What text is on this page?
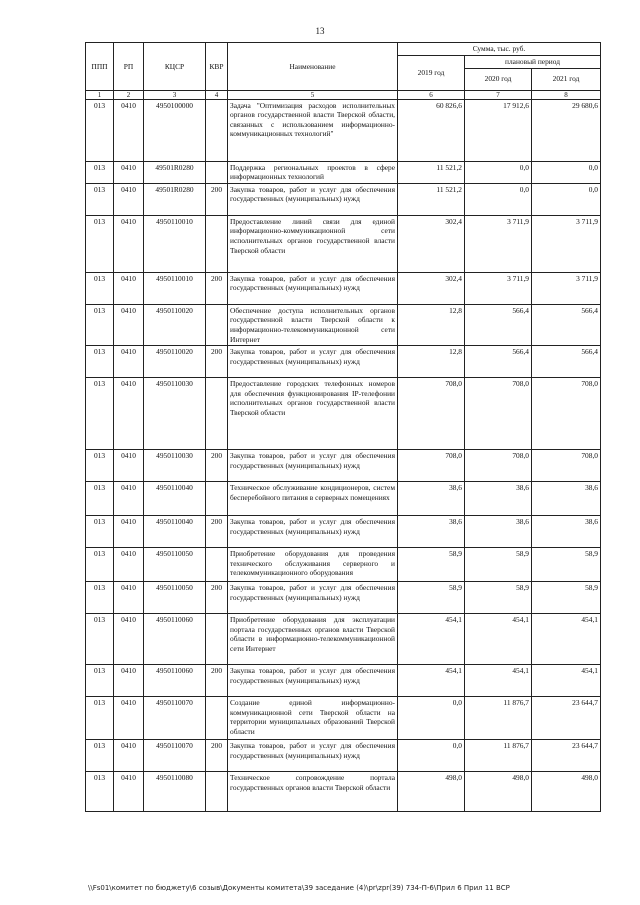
13
ППП	РП	КЦСР	КВР	Наименование	Сумма, тыс. руб.		
					2019 год	плановый период	
						2020 год	2021 год
1	2	3	4	5	6	7	8
013	0410	4950100000		Задача "Оптимизация расходов исполнительных органов государственной власти Тверской области, связанных с использованием информационно-коммуникационных технологий"	60 826,6	17 912,6	29 680,6
013	0410	49501R0280		Поддержка региональных проектов в сфере информационных технологий	11 521,2	0,0	0,0
013	0410	49501R0280	200	Закупка товаров, работ и услуг для обеспечения государственных (муниципальных) нужд	11 521,2	0,0	0,0
013	0410	4950110010		Предоставление линий связи для единой информационно-коммуникационной сети исполнительных органов государственной власти Тверской области	302,4	3 711,9	3 711,9
013	0410	4950110010	200	Закупка товаров, работ и услуг для обеспечения государственных (муниципальных) нужд	302,4	3 711,9	3 711,9
013	0410	4950110020		Обеспечение доступа исполнительных органов государственной власти Тверской области к информационно-телекоммуникационной сети Интернет	12,8	566,4	566,4
013	0410	4950110020	200	Закупка товаров, работ и услуг для обеспечения государственных (муниципальных) нужд	12,8	566,4	566,4
013	0410	4950110030		Предоставление городских телефонных номеров для обеспечения функционирования IP-телефонии исполнительных органов государственной власти Тверской области	708,0	708,0	708,0
013	0410	4950110030	200	Закупка товаров, работ и услуг для обеспечения государственных (муниципальных) нужд	708,0	708,0	708,0
013	0410	4950110040		Техническое обслуживание кондиционеров, систем бесперебойного питания в серверных помещениях	38,6	38,6	38,6
013	0410	4950110040	200	Закупка товаров, работ и услуг для обеспечения государственных (муниципальных) нужд	38,6	38,6	38,6
013	0410	4950110050		Приобретение оборудования для проведения технического обслуживания серверного и телекоммуникационного оборудования	58,9	58,9	58,9
013	0410	4950110050	200	Закупка товаров, работ и услуг для обеспечения государственных (муниципальных) нужд	58,9	58,9	58,9
013	0410	4950110060		Приобретение оборудования для эксплуатации портала государственных органов власти Тверской области в информационно-телекоммуникационной сети Интернет	454,1	454,1	454,1
013	0410	4950110060	200	Закупка товаров, работ и услуг для обеспечения государственных (муниципальных) нужд	454,1	454,1	454,1
013	0410	4950110070		Создание единой информационно-коммуникационной сети Тверской области на территории муниципальных образований Тверской области	0,0	11 876,7	23 644,7
013	0410	4950110070	200	Закупка товаров, работ и услуг для обеспечения государственных (муниципальных) нужд	0,0	11 876,7	23 644,7
013	0410	4950110080		Техническое сопровождение портала государственных органов власти Тверской области	498,0	498,0	498,0
\\Fs01\комитет по бюджету\6 созыв\Документы комитета\39 заседание (4)\pr\zpr(39) 734-П-6\Прил 6 Прил 11 ВСР
